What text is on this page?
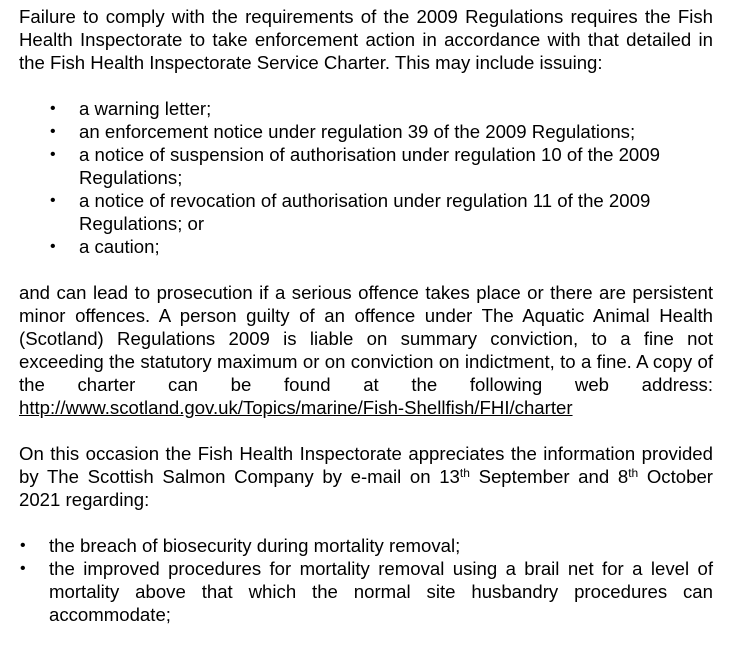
Failure to comply with the requirements of the 2009 Regulations requires the Fish Health Inspectorate to take enforcement action in accordance with that detailed in the Fish Health Inspectorate Service Charter. This may include issuing:

• a warning letter;
• an enforcement notice under regulation 39 of the 2009 Regulations;
• a notice of suspension of authorisation under regulation 10 of the 2009 Regulations;
• a notice of revocation of authorisation under regulation 11 of the 2009 Regulations; or
• a caution;

and can lead to prosecution if a serious offence takes place or there are persistent minor offences. A person guilty of an offence under The Aquatic Animal Health (Scotland) Regulations 2009 is liable on summary conviction, to a fine not exceeding the statutory maximum or on conviction on indictment, to a fine. A copy of the charter can be found at the following web address: http://www.scotland.gov.uk/Topics/marine/Fish-Shellfish/FHI/charter

On this occasion the Fish Health Inspectorate appreciates the information provided by The Scottish Salmon Company by e-mail on 13th September and 8th October 2021 regarding:

• the breach of biosecurity during mortality removal;
• the improved procedures for mortality removal using a brail net for a level of mortality above that which the normal site husbandry procedures can accommodate;
